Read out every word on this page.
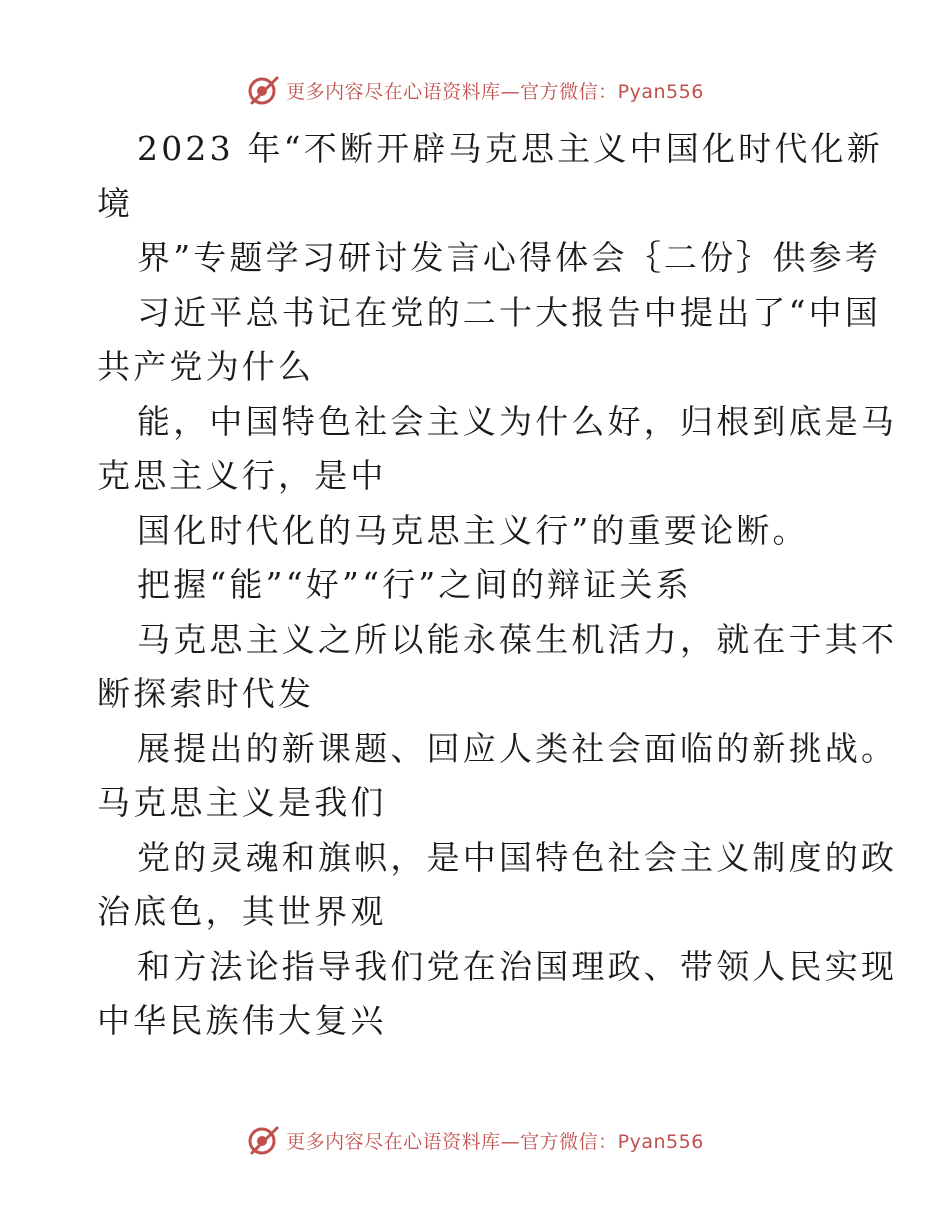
更多内容尽在心语资料库—官方微信：Pyan556
2023 年“不断开辟马克思主义中国化时代化新
境
界”专题学习研讨发言心得体会｛二份｝供参考
习近平总书记在党的二十大报告中提出了“中国
共产党为什么
能，中国特色社会主义为什么好，归根到底是马
克思主义行，是中
国化时代化的马克思主义行”的重要论断。
把握“能”“好”“行”之间的辩证关系
马克思主义之所以能永葆生机活力，就在于其不
断探索时代发
展提出的新课题、回应人类社会面临的新挑战。
马克思主义是我们
党的灵魂和旗帜，是中国特色社会主义制度的政
治底色，其世界观
和方法论指导我们党在治国理政、带领人民实现
中华民族伟大复兴
更多内容尽在心语资料库—官方微信：Pyan556
